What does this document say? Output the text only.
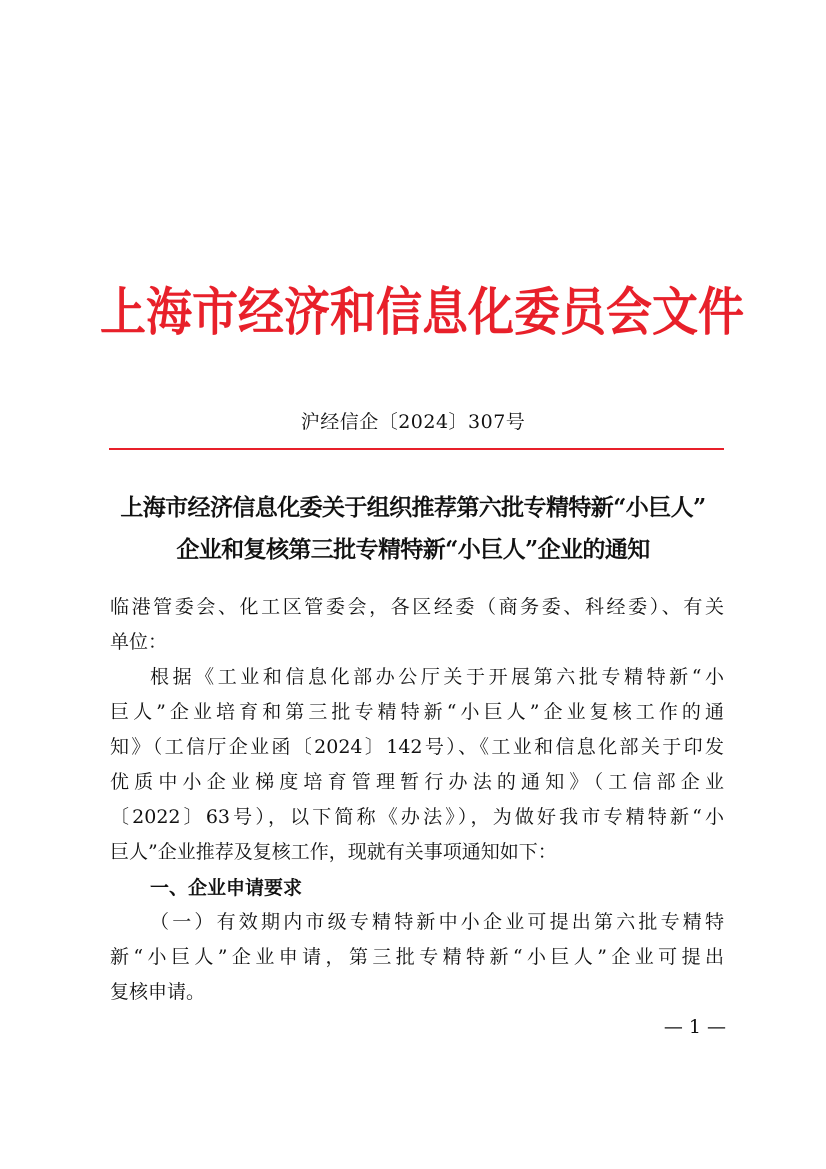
上海市经济和信息化委员会文件
沪经信企〔2024〕307号
上海市经济信息化委关于组织推荐第六批专精特新“小巨人”
企业和复核第三批专精特新“小巨人”企业的通知
临港管委会、化工区管委会，各区经委（商务委、科经委）、有关
单位：
根据《工业和信息化部办公厅关于开展第六批专精特新“小
巨人”企业培育和第三批专精特新“小巨人”企业复核工作的通
知》（工信厅企业函〔2024〕142号）、《工业和信息化部关于印发
优质中小企业梯度培育管理暂行办法的通知》（工信部企业
〔2022〕63号），以下简称《办法》），为做好我市专精特新“小
巨人”企业推荐及复核工作，现就有关事项通知如下：
一、企业申请要求
（一）有效期内市级专精特新中小企业可提出第六批专精特
新“小巨人”企业申请，第三批专精特新“小巨人”企业可提出
复核申请。
— 1 —
